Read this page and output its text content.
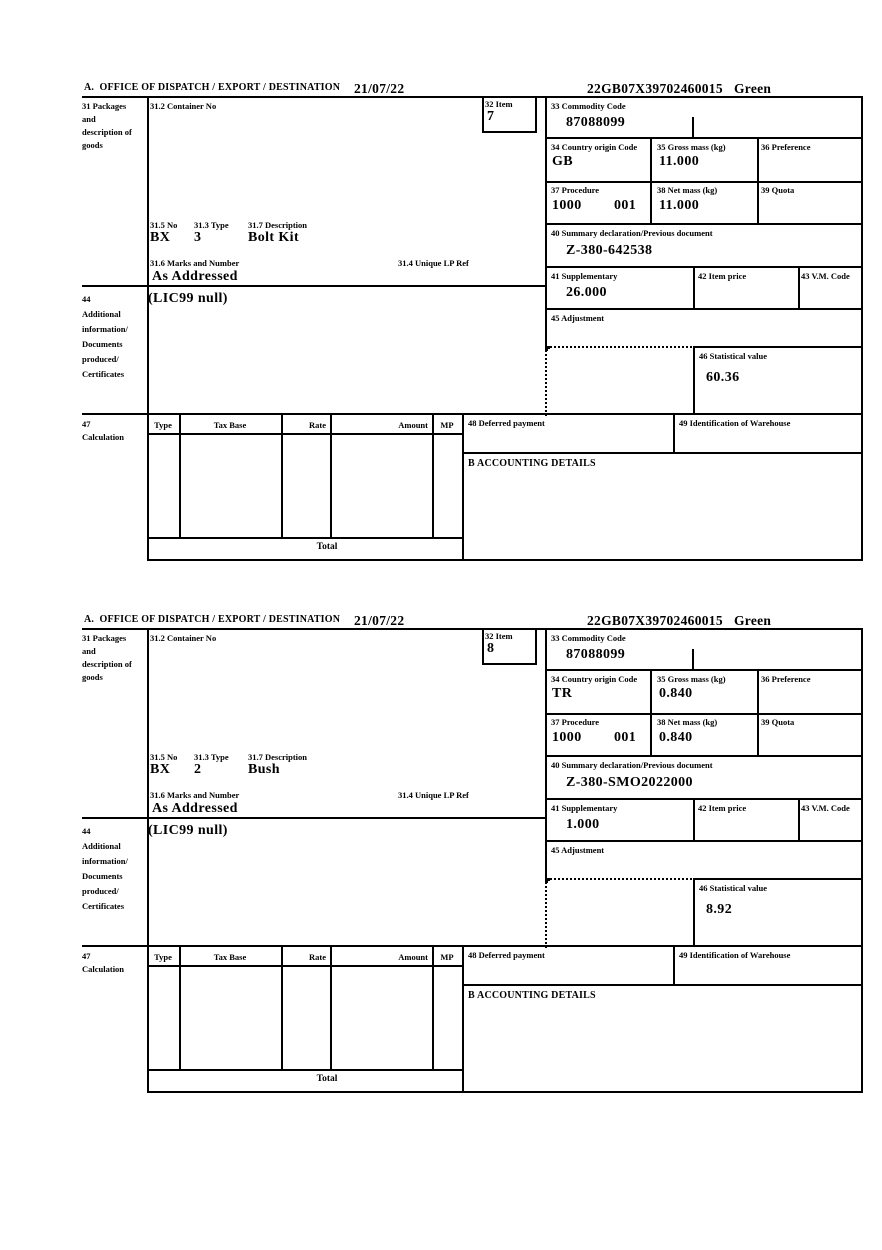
A.  OFFICE OF DISPATCH / EXPORT / DESTINATION 21/07/22	22GB07X39702460015 Green
31 Packages and description of goods
44 Additional information/ Documents produced/ Certificates
47 Calculation
31.2 Container No
31.5 No 31.3 Type 31.7 Description
BX 3	Bolt Kit
31.6 Marks and Number	31.4 Unique LP Ref
As Addressed
(LIC99 null)
32 Item
7
33 Commodity Code
87088099
34 Country origin Code
GB
35 Gross mass (kg)
11.000
36 Preference
37 Procedure
1000 001
38 Net mass (kg)
11.000
39 Quota
40 Summary declaration/Previous document
Z-380-642538
41 Supplementary
26.000
42 Item price	43 V.M. Code
45 Adjustment
46 Statistical value
60.36
Type	Tax Base	Rate	Amount	MP	48 Deferred payment	49 Identification of Warehouse
B ACCOUNTING DETAILS
Total
A.  OFFICE OF DISPATCH / EXPORT / DESTINATION 21/07/22	22GB07X39702460015 Green
31 Packages and description of goods
44 Additional information/ Documents produced/ Certificates
47 Calculation
31.2 Container No
31.5 No 31.3 Type 31.7 Description
BX 2	Bush
31.6 Marks and Number	31.4 Unique LP Ref
As Addressed
(LIC99 null)
32 Item
8
33 Commodity Code
87088099
34 Country origin Code
TR
35 Gross mass (kg)
0.840
36 Preference
37 Procedure
1000 001
38 Net mass (kg)
0.840
39 Quota
40 Summary declaration/Previous document
Z-380-SMO2022000
41 Supplementary
1.000
42 Item price	43 V.M. Code
45 Adjustment
46 Statistical value
8.92
Type	Tax Base	Rate	Amount	MP	48 Deferred payment	49 Identification of Warehouse
B ACCOUNTING DETAILS
Total
